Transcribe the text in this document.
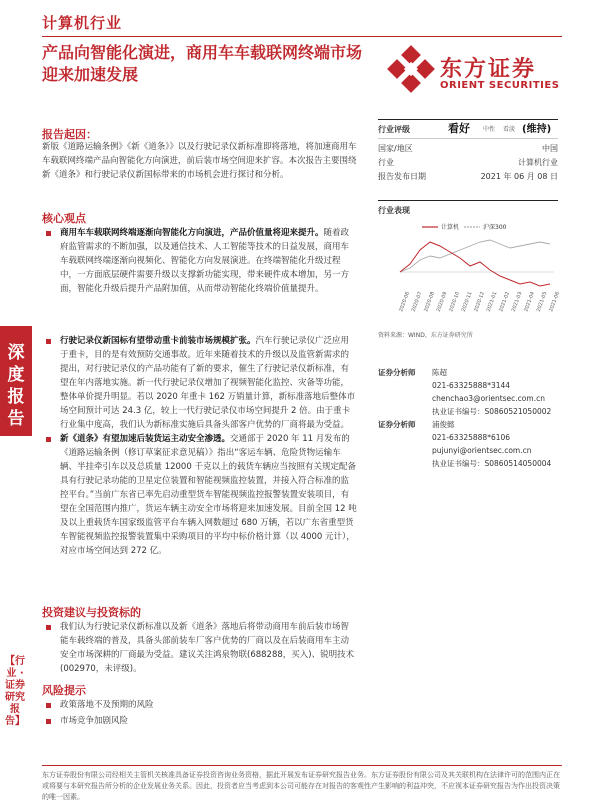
计算机行业
产品向智能化演进，商用车车载联网终端市场迎来加速发展	东方证券
ORIENT SECURITIES
深度报告
【行业 · 证券研究报告】
报告起因：
新版《道路运输条例》《新《道条》》以及行驶记录仪新标准即将落地，将加速商用车车载联网终端产品向智能化方向演进，前后装市场空间迎来扩容。本次报告主要围绕新《道条》和行驶记录仪新国标带来的市场机会进行探讨和分析。
核心观点
商用车车载联网终端逐渐向智能化方向演进，产品价值量将迎来提升。随着政府监管需求的不断加强，以及通信技术、人工智能等技术的日益发展，商用车车载联网终端逐渐向视频化、智能化方向发展演进。在终端智能化升级过程中，一方面底层硬件需要升级以支撑新功能实现，带来硬件成本增加，另一方面，智能化升级后提升产品附加值，从而带动智能化终端价值量提升。
行驶记录仪新国标有望带动重卡前装市场规模扩张。汽车行驶记录仪广泛应用于重卡，目的是有效预防交通事故。近年来随着技术的升级以及监管新需求的提出，对行驶记录仪的产品功能有了新的要求，催生了行驶记录仪新标准，有望在年内落地实施。新一代行驶记录仪增加了视频智能化监控、灾备等功能，整体单价提升明显。若以 2020 年重卡 162 万销量计算，新标准落地后整体市场空间预计可达 24.3 亿，较上一代行驶记录仪市场空间提升 2 倍。由于重卡行业集中度高，我们认为新标准实施后具备头部客户优势的厂商将最为受益。
新《道条》有望加速后装货运主动安全渗透。交通部于 2020 年 11 月发布的《道路运输条例（修订草案征求意见稿）》指出“客运车辆、危险货物运输车辆、半挂牵引车以及总质量 12000 千克以上的载货车辆应当按照有关规定配备具有行驶记录功能的卫星定位装置和智能视频监控装置，并接入符合标准的监控平台。”当前广东省已率先启动重型货车智能视频监控报警装置安装项目，有望在全国范围内推广，货运车辆主动安全市场将迎来加速发展。目前全国 12 吨及以上重载货车国家级监管平台车辆入网数超过 680 万辆，若以广东省重型货车智能视频监控报警装置集中采购项目的平均中标价格计算（以 4000 元计），对应市场空间达到 272 亿。
投资建议与投资标的
我们认为行驶记录仪新标准以及新《道条》落地后将带动商用车前后装市场智能车载终端的普及，具备头部前装车厂客户优势的厂商以及在后装商用车主动安全市场深耕的厂商最为受益。建议关注鸿泉物联(688288，买入)、锐明技术(002970，未评级)。
风险提示
政策落地不及预期的风险
市场竞争加剧风险
行业评级	看好 中性 看淡 (维持)
国家/地区	中国
行业	计算机行业
报告发布日期	2021 年 06 月 08 日
行业表现
计算机	沪深300
2020-06 2020-07 2020-08 2020-09 2020-10 2020-11 2020-12 2021-01 2021-02 2021-03 2021-04 2021-05 2021-06
资料来源：WIND、东方证券研究所
证券分析师 陈超
021-63325888*3144
chenchao3@orientsec.com.cn
执业证书编号：S0860521050002
证券分析师 浦俊懿
021-63325888*6106
pujunyi@orientsec.com.cn
执业证书编号：S0860514050004
东方证券股份有限公司经相关主管机关核准具备证券投资咨询业务资格，据此开展发布证券研究报告业务。东方证券股份有限公司及其关联机构在法律许可的范围内正在或将要与本研究报告所分析的企业发展业务关系。因此，投资者应当考虑到本公司可能存在对报告的客观性产生影响的利益冲突，不应视本证券研究报告为作出投资决策的唯一因素。
